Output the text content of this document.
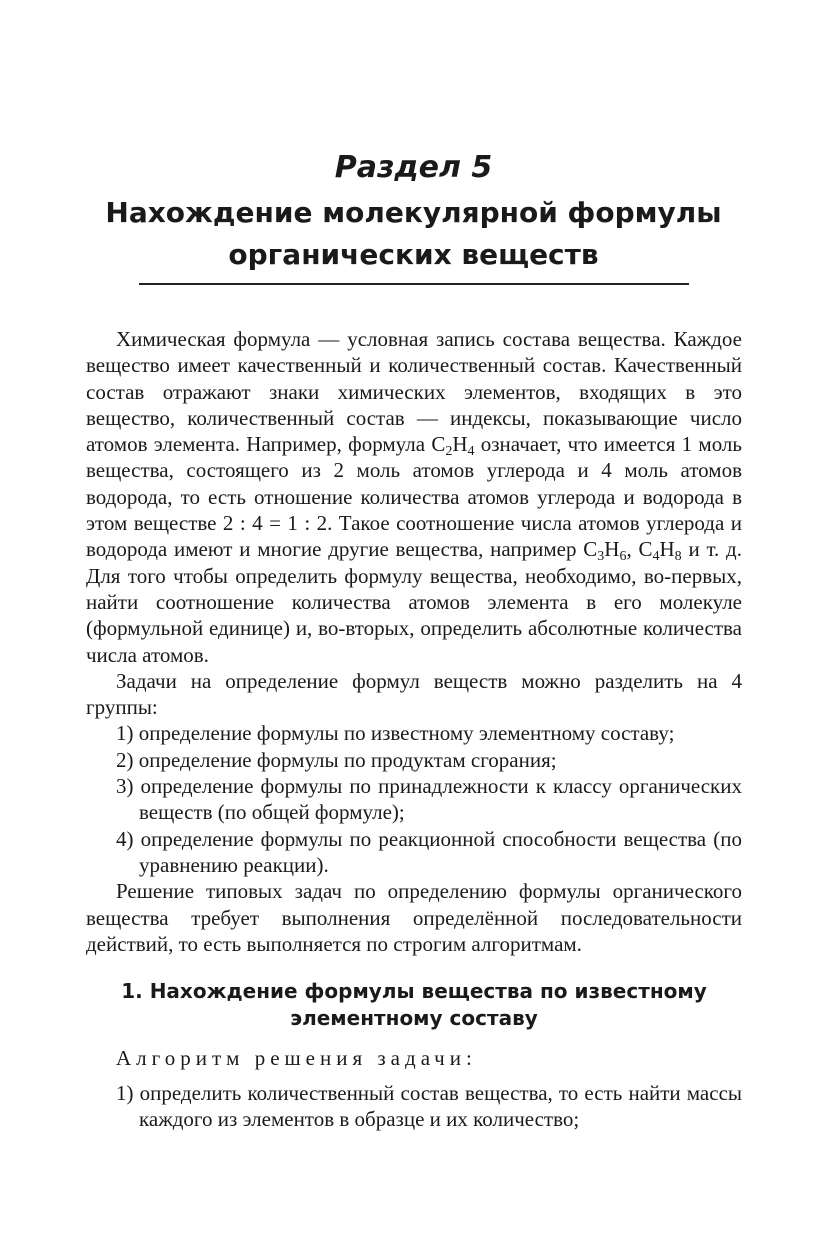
Раздел 5
Нахождение молекулярной формулы
органических веществ

Химическая формула — условная запись состава вещества. Каждое вещество имеет качественный и количественный состав. Качественный состав отражают знаки химических элементов, входящих в это вещество, количественный состав — индексы, показывающие число атомов элемента. Например, формула C2H4 означает, что имеется 1 моль вещества, состоящего из 2 моль атомов углерода и 4 моль атомов водорода, то есть отношение количества атомов углерода и водорода в этом веществе 2 : 4 = 1 : 2. Такое соотношение числа атомов углерода и водорода имеют и многие другие вещества, например C3H6, C4H8 и т. д. Для того чтобы определить формулу вещества, необходимо, во-первых, найти соотношение количества атомов элемента в его молекуле (формульной единице) и, во-вторых, определить абсолютные количества числа атомов.

Задачи на определение формул веществ можно разделить на 4 группы:

1) определение формулы по известному элементному составу;

2) определение формулы по продуктам сгорания;

3) определение формулы по принадлежности к классу органических веществ (по общей формуле);

4) определение формулы по реакционной способности вещества (по уравнению реакции).

Решение типовых задач по определению формулы органического вещества требует выполнения определённой последовательности действий, то есть выполняется по строгим алгоритмам.

1. Нахождение формулы вещества по известному
элементному составу
Алгоритм решения задачи:

1) определить количественный состав вещества, то есть найти массы каждого из элементов в образце и их количество;
